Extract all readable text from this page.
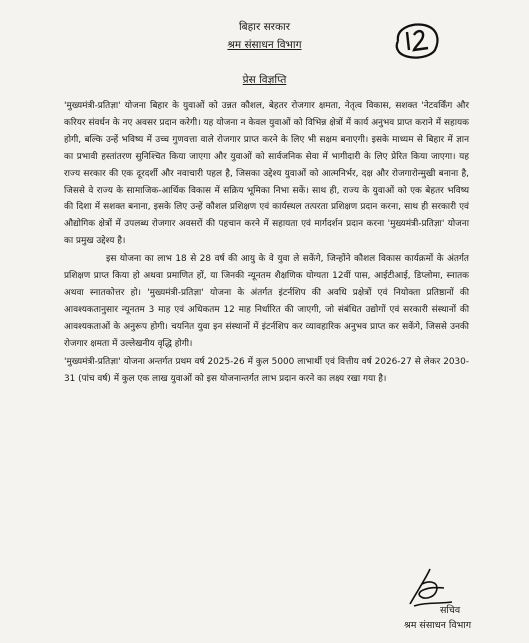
बिहार सरकार
श्रम संसाधन विभाग
प्रेस विज्ञप्ति

'मुख्यमंत्री-प्रतिज्ञा' योजना बिहार के युवाओं को उन्नत कौशल, बेहतर रोजगार क्षमता, नेतृत्व विकास, सशक्त 'नेटवर्किंग और करियर संवर्धन के नए अवसर प्रदान करेगी। यह योजना न केवल युवाओं को विभिन्न क्षेत्रों में कार्य अनुभव प्राप्त कराने में सहायक होगी, बल्कि उन्हें भविष्य में उच्च गुणवत्ता वाले रोजगार प्राप्त करने के लिए भी सक्षम बनाएगी। इसके माध्यम से बिहार में ज्ञान का प्रभावी हस्तांतरण सुनिश्चित किया जाएगा और युवाओं को सार्वजनिक सेवा में भागीदारी के लिए प्रेरित किया जाएगा। यह राज्य सरकार की एक दूरदर्शी और नवाचारी पहल है, जिसका उद्देश्य युवाओं को आत्मनिर्भर, दक्ष और रोजगारोन्मुखी बनाना है, जिससे वे राज्य के सामाजिक-आर्थिक विकास में सक्रिय भूमिका निभा सकें। साथ ही, राज्य के युवाओं को एक बेहतर भविष्य की दिशा में सशक्त बनाना, इसके लिए उन्हें कौशल प्रशिक्षण एवं कार्यस्थल तत्परता प्रशिक्षण प्रदान करना, साथ ही सरकारी एवं औद्योगिक क्षेत्रों में उपलब्ध रोजगार अवसरों की पहचान करने में सहायता एवं मार्गदर्शन प्रदान करना 'मुख्यमंत्री-प्रतिज्ञा' योजना का प्रमुख उद्देश्य है।

इस योजना का लाभ 18 से 28 वर्ष की आयु के वे युवा ले सकेंगे, जिन्होंने कौशल विकास कार्यक्रमों के अंतर्गत प्रशिक्षण प्राप्त किया हो अथवा प्रमाणित हों, या जिनकी न्यूनतम शैक्षणिक योग्यता 12वीं पास, आईटीआई, डिप्लोमा, स्नातक अथवा स्नातकोत्तर हो। 'मुख्यमंत्री-प्रतिज्ञा' योजना के अंतर्गत इंटर्नशिप की अवधि प्रक्षेत्रों एवं नियोक्ता प्रतिष्ठानों की आवश्यकतानुसार न्यूनतम 3 माह एवं अधिकतम 12 माह निर्धारित की जाएगी, जो संबंधित उद्योगों एवं सरकारी संस्थानों की आवश्यकताओं के अनुरूप होगी। चयनित युवा इन संस्थानों में इंटर्नशिप कर व्यावहारिक अनुभव प्राप्त कर सकेंगे, जिससे उनकी रोजगार क्षमता में उल्लेखनीय वृद्धि होगी।

'मुख्यमंत्री-प्रतिज्ञा' योजना अन्तर्गत प्रथम वर्ष 2025-26 में कुल 5000 लाभार्थी एवं वित्तीय वर्ष 2026-27 से लेकर 2030-31 (पांच वर्ष) में कुल एक लाख युवाओं को इस योजनान्तर्गत लाभ प्रदान करने का लक्ष्य रखा गया है।

सचिव
श्रम संसाधन विभाग
